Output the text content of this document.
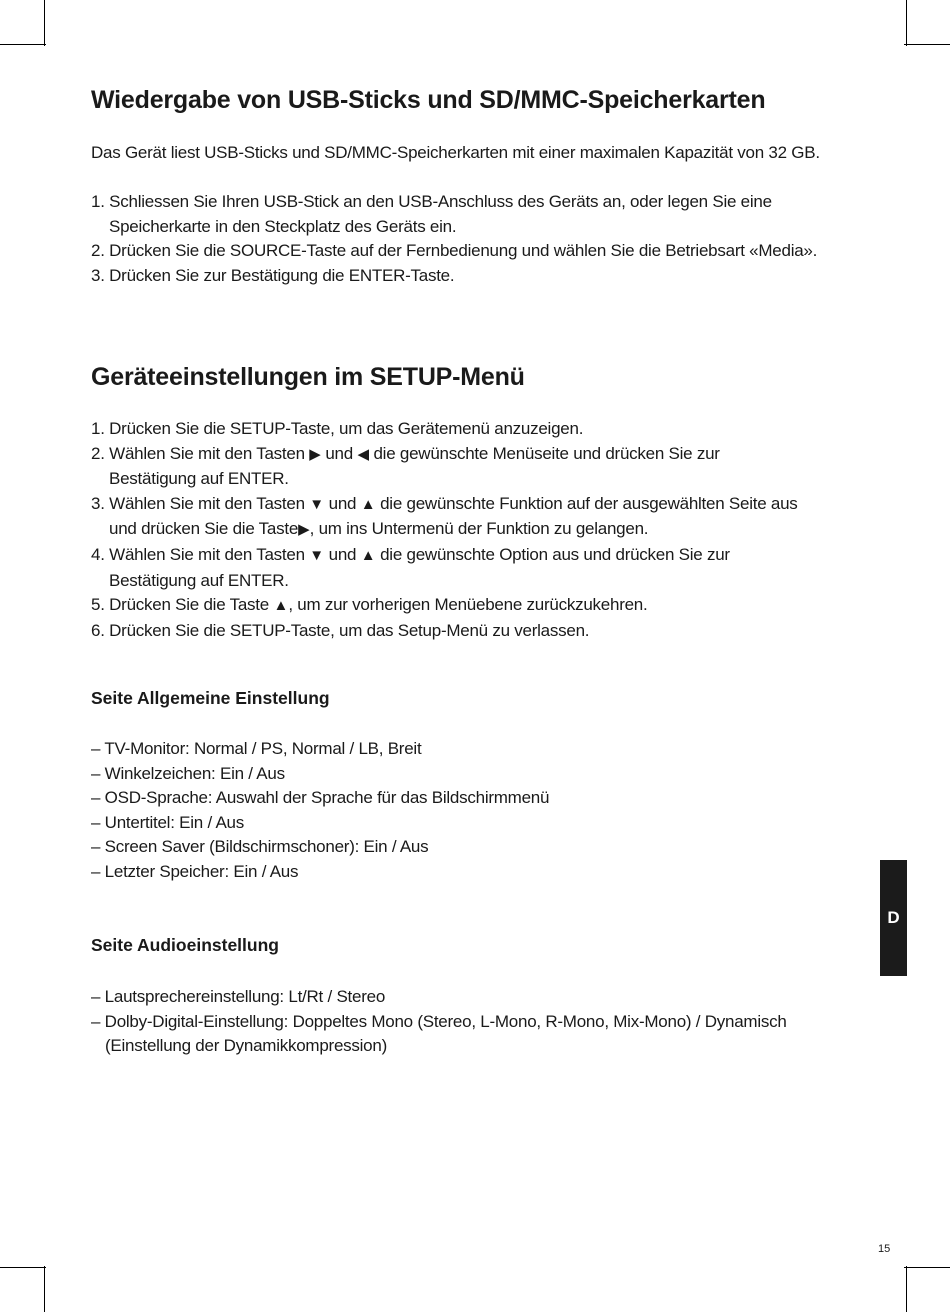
Wiedergabe von USB-Sticks und SD/MMC-Speicherkarten

Das Gerät liest USB-Sticks und SD/MMC-Speicherkarten mit einer maximalen Kapazität von 32 GB.

1. Schliessen Sie Ihren USB-Stick an den USB-Anschluss des Geräts an, oder legen Sie eine
Speicherkarte in den Steckplatz des Geräts ein.
2. Drücken Sie die SOURCE-Taste auf der Fernbedienung und wählen Sie die Betriebsart «Media».
3. Drücken Sie zur Bestätigung die ENTER-Taste.
Geräteeinstellungen im SETUP-Menü
1. Drücken Sie die SETUP-Taste, um das Gerätemenü anzuzeigen.
2. Wählen Sie mit den Tasten ▶ und ◀ die gewünschte Menüseite und drücken Sie zur
Bestätigung auf ENTER.
3. Wählen Sie mit den Tasten ▼ und ▲ die gewünschte Funktion auf der ausgewählten Seite aus
und drücken Sie die Taste▶, um ins Untermenü der Funktion zu gelangen.
4. Wählen Sie mit den Tasten ▼ und ▲ die gewünschte Option aus und drücken Sie zur
Bestätigung auf ENTER.
5. Drücken Sie die Taste ▲, um zur vorherigen Menüebene zurückzukehren.
6. Drücken Sie die SETUP-Taste, um das Setup-Menü zu verlassen.
Seite Allgemeine Einstellung
– TV-Monitor: Normal / PS, Normal / LB, Breit
– Winkelzeichen: Ein / Aus
– OSD-Sprache: Auswahl der Sprache für das Bildschirmmenü
– Untertitel: Ein / Aus
– Screen Saver (Bildschirmschoner): Ein / Aus
– Letzter Speicher: Ein / Aus
Seite Audioeinstellung
– Lautsprechereinstellung: Lt/Rt / Stereo
– Dolby-Digital-Einstellung: Doppeltes Mono (Stereo, L-Mono, R-Mono, Mix-Mono) / Dynamisch
(Einstellung der Dynamikkompression)
D
15
